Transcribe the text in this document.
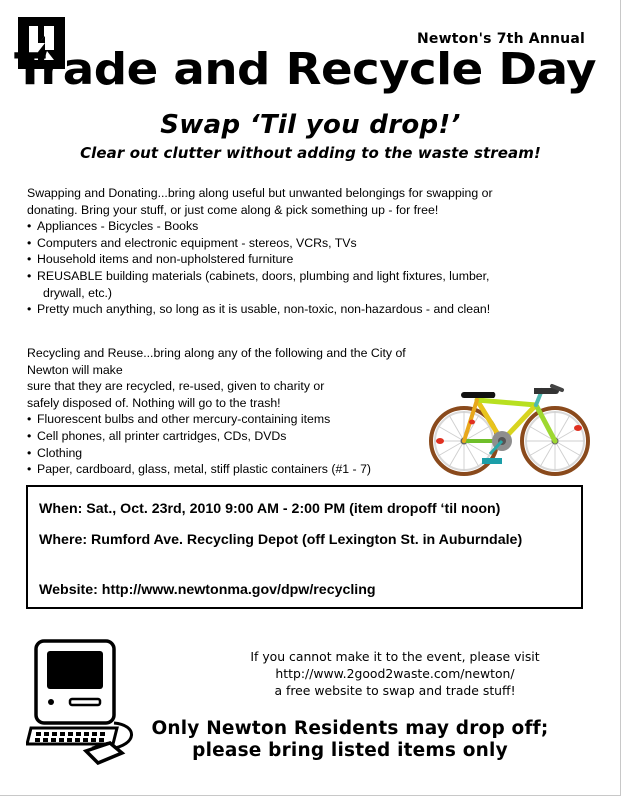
Newton's 7th Annual
Trade and Recycle Day
Swap ‘Til you drop!’
Clear out clutter without adding to the waste stream!

Swapping and Donating...bring along useful but unwanted belongings for swapping or

donating. Bring your stuff, or just come along & pick something up - for free!

• Appliances - Bicycles - Books

• Computers and electronic equipment - stereos, VCRs, TVs

• Household items and non-upholstered furniture

• REUSABLE building materials (cabinets, doors, plumbing and light fixtures, lumber,

drywall, etc.)

• Pretty much anything, so long as it is usable, non-toxic, non-hazardous - and clean!

Recycling and Reuse...bring along any of the following and the City of Newton will make

sure that they are recycled, re-used, given to charity or

safely disposed of. Nothing will go to the trash!

• Fluorescent bulbs and other mercury-containing items

• Cell phones, all printer cartridges, CDs, DVDs

• Clothing

• Paper, cardboard, glass, metal, stiff plastic containers (#1 - 7)

When: Sat., Oct. 23rd, 2010 9:00 AM - 2:00 PM (item dropoff ‘til noon)
Where: Rumford Ave. Recycling Depot (off Lexington St. in Auburndale)
Website: http://www.newtonma.gov/dpw/recycling
If you cannot make it to the event, please visit
http://www.2good2waste.com/newton/
a free website to swap and trade stuff!
Only Newton Residents may drop off;
please bring listed items only
